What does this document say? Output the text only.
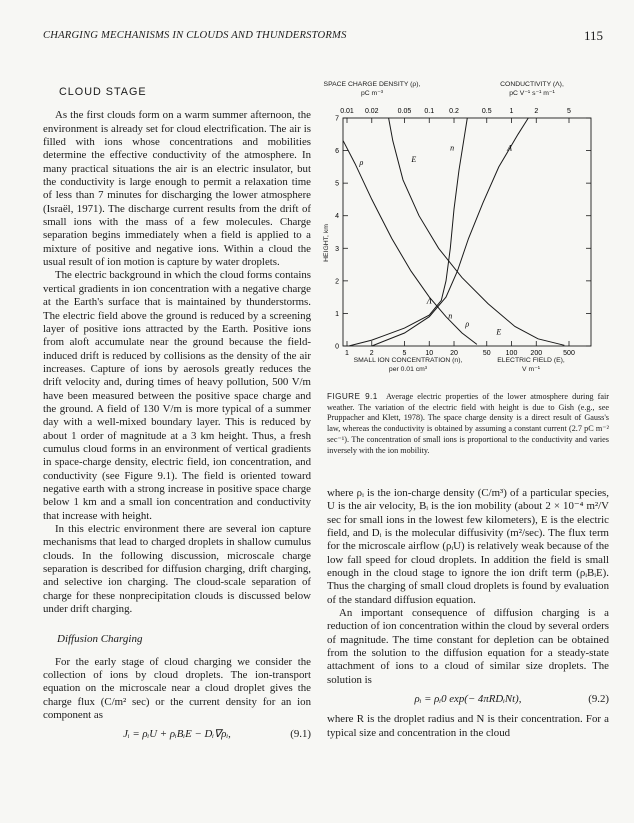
CHARGING MECHANISMS IN CLOUDS AND THUNDERSTORMS	115
CLOUD STAGE

As the first clouds form on a warm summer afternoon, the environment is already set for cloud electrification. The air is filled with ions whose concentrations and mobilities determine the effective conductivity of the atmosphere. In many practical situations the air is an electric insulator, but the conductivity is large enough to permit a relaxation time of less than 7 minutes for discharging the lower atmosphere (Israël, 1971). The discharge current results from the drift of small ions with the mass of a few molecules. Charge separation begins immediately when a field is applied to a mixture of positive and negative ions. Within a cloud the usual result of ion motion is capture by water droplets.

The electric background in which the cloud forms contains vertical gradients in ion concentration with a negative charge at the Earth's surface that is maintained by thunderstorms. The electric field above the ground is reduced by a screening layer of positive ions attracted by the Earth. Positive ions from aloft accumulate near the ground because the field-induced drift is reduced by collisions as the density of the air increases. Capture of ions by aerosols greatly reduces the drift velocity and, during times of heavy pollution, 500 V/m have been measured between the positive space charge and the ground. A field of 130 V/m is more typical of a summer day with a well-mixed boundary layer. This is reduced by about 1 order of magnitude at a 3 km height. Thus, a fresh cumulus cloud forms in an environment of vertical gradients in space-charge density, electric field, ion concentration, and conductivity (see Figure 9.1). The field is oriented toward negative earth with a strong increase in positive space charge below 1 km and a small ion concentration and conductivity that increase with height.

In this electric environment there are several ion capture mechanisms that lead to charged droplets in shallow cumulus clouds. In the following discussion, microscale charge separation is described for diffusion charging, drift charging, and selective ion charging. The cloud-scale separation of charge for these nonprecipitation clouds is discussed below under drift charging.

Diffusion Charging

For the early stage of cloud charging we consider the collection of ions by cloud droplets. The ion-transport equation on the microscale near a cloud droplet gives the charge flux (C/m² sec) or the current density for an ion component as

Jᵢ = ρᵢU + ρᵢBᵢE − Dᵢ∇ρᵢ,	(9.1)
SPACE CHARGE DENSITY (ρ),
pC m⁻³
CONDUCTIVITY (Λ),
pC V⁻¹ s⁻¹ m⁻¹
SMALL ION CONCENTRATION (n),
per 0.01 cm³
ELECTRIC FIELD (E),
V m⁻¹
HEIGHT, km
0
1
2
3
4
5
6
7
0.01 0.02	0.05 0.1 0.2	0.5	1	2	5
1	2	5	10 20	50 100 200	500
ρ	E
n	Λ
Λ
n
E
ρ
FIGURE 9.1 Average electric properties of the lower atmosphere during fair weather. The variation of the electric field with height is due to Gish (e.g., see Pruppacher and Klett, 1978). The space charge density is a direct result of Gauss's law, whereas the conductivity is obtained by assuming a constant current (2.7 pC m⁻² sec⁻¹). The concentration of small ions is proportional to the conductivity and varies inversely with the ion mobility.

where ρᵢ is the ion-charge density (C/m³) of a particular species, U is the air velocity, Bᵢ is the ion mobility (about 2 × 10⁻⁴ m²/V sec for small ions in the lowest few kilometers), E is the electric field, and Dᵢ is the molecular diffusivity (m²/sec). The flux term for the microscale airflow (ρᵢU) is relatively weak because of the low fall speed for cloud droplets. In addition the field is small enough in the cloud stage to ignore the ion drift term (ρᵢBᵢE). Thus the charging of small cloud droplets is found by evaluation of the standard diffusion equation.

An important consequence of diffusion charging is a reduction of ion concentration within the cloud by several orders of magnitude. The time constant for depletion can be obtained from the solution to the diffusion equation for a steady-state attachment of ions to a cloud of similar size droplets. The solution is

ρᵢ = ρᵢ0 exp(− 4πRDᵢNt),	(9.2)

where R is the droplet radius and N is their concentration. For a typical size and concentration in the cloud
